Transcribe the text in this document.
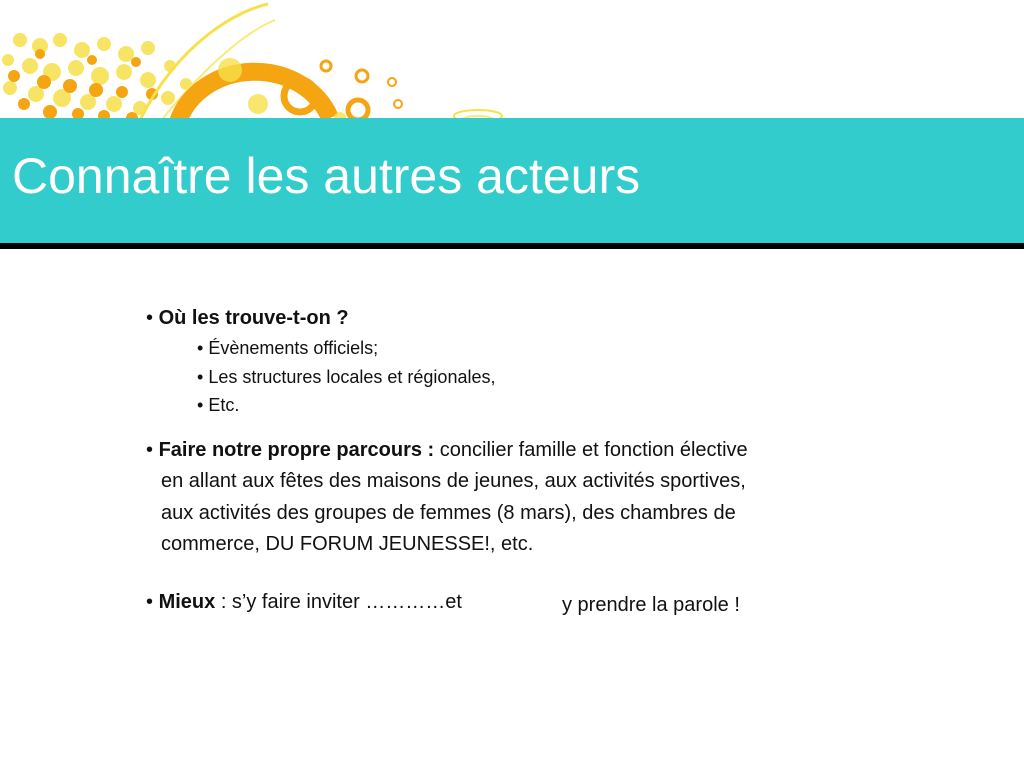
Connaître les autres acteurs
• Où les trouve-t-on ?
• Évènements officiels;
• Les structures locales et régionales,
• Etc.
• Faire notre propre parcours : concilier famille et fonction élective
en allant aux fêtes des maisons de jeunes, aux activités sportives,
aux activités des groupes de femmes (8 mars), des chambres de
commerce, DU FORUM JEUNESSE!, etc.
• Mieux : s’y faire inviter …………et	y prendre la parole !
